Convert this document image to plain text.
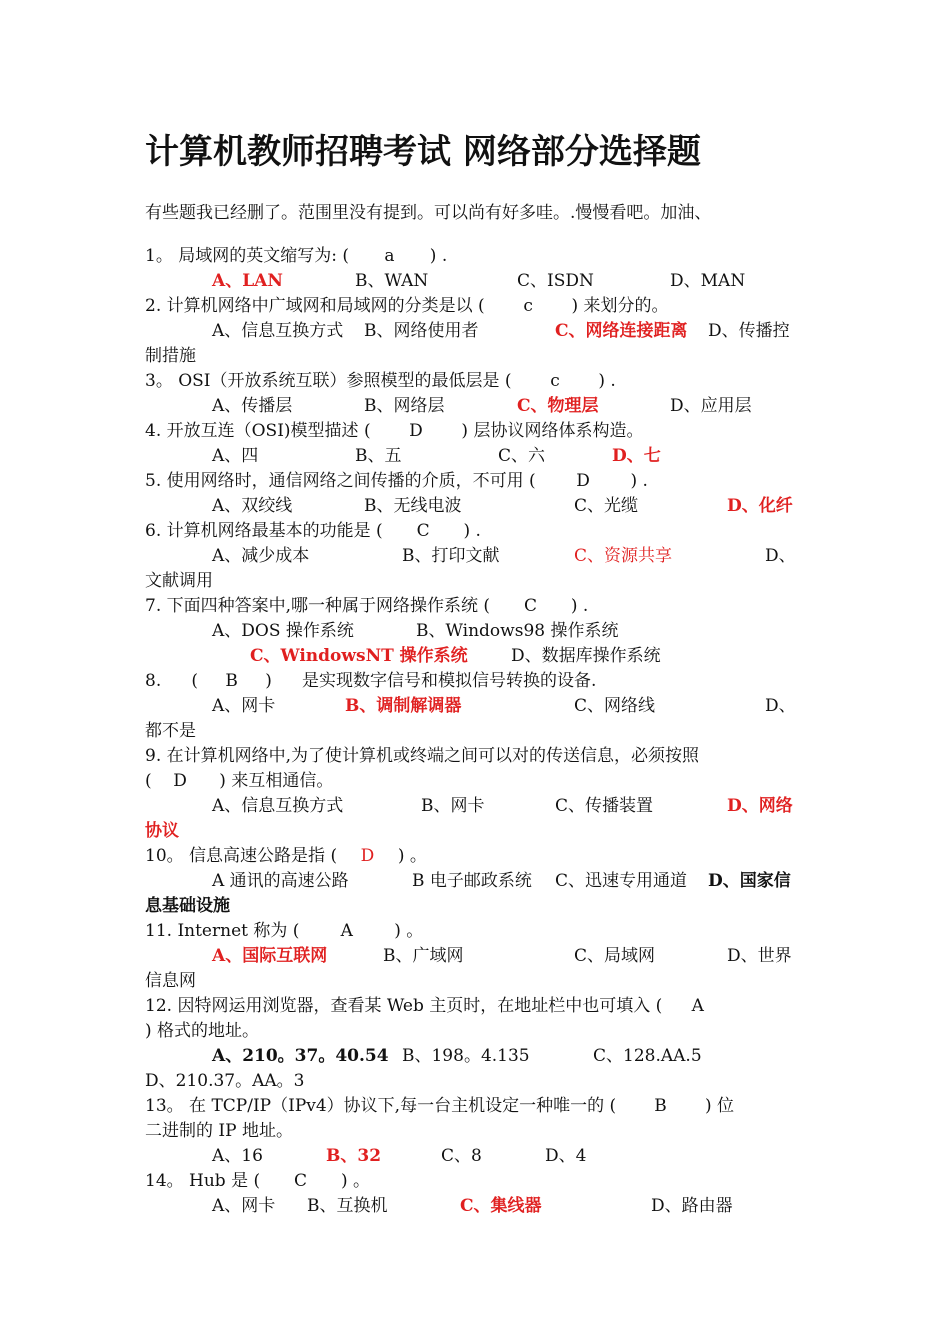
计算机教师招聘考试 网络部分选择题
有些题我已经删了。范围里没有提到。可以尚有好多哇。.慢慢看吧。加油、
1。 局域网的英文缩写为: ( a ) .
A、LAN	B、WAN	C、ISDN	D、MAN
2. 计算机网络中广域网和局域网的分类是以 ( c ) 来划分的。
A、信息互换方式 B、网络使用者	C、网络连接距离 D、传播控
制措施
3。 OSI（开放系统互联）参照模型的最低层是 ( c ) .
A、传播层	B、网络层	C、物理层	D、应用层
4. 开放互连（OSI)模型描述 ( D ) 层协议网络体系构造。
A、四	B、五	C、六	D、七
5. 使用网络时，通信网络之间传播的介质，不可用 ( D ) .
A、双绞线	B、无线电波	C、光缆	D、化纤
6. 计算机网络最基本的功能是 ( C ) .
A、减少成本	B、打印文献	C、资源共享	D、
文献调用
7. 下面四种答案中,哪一种属于网络操作系统 ( C ) .
A、DOS 操作系统	B、Windows98 操作系统
C、WindowsNT 操作系统	D、数据库操作系统
8. ( B ) 是实现数字信号和模拟信号转换的设备.
A、网卡	B、调制解调器	C、网络线	D、
都不是
9. 在计算机网络中,为了使计算机或终端之间可以对的传送信息，必须按照
(    D      ) 来互相通信。
A、信息互换方式	B、网卡	C、传播装置	D、网络
协议
10。 信息高速公路是指 ( D ) 。
A 通讯的高速公路	B 电子邮政系统 C、迅速专用通道 D、国家信
息基础设施
11. Internet 称为 ( A ) 。
A、国际互联网	B、广域网	C、局域网	D、世界
信息网
12. 因特网运用浏览器，查看某 Web 主页时，在地址栏中也可填入 ( A
) 格式的地址。
A、210。37。40.54 B、198。4.135	C、128.AA.5
D、210.37。AA。3
13。 在 TCP/IP（IPv4）协议下,每一台主机设定一种唯一的 ( B ) 位
二进制的 IP 地址。
A、16	B、32	C、8	D、4
14。 Hub 是 ( C ) 。
A、网卡 B、互换机	C、集线器	D、路由器
